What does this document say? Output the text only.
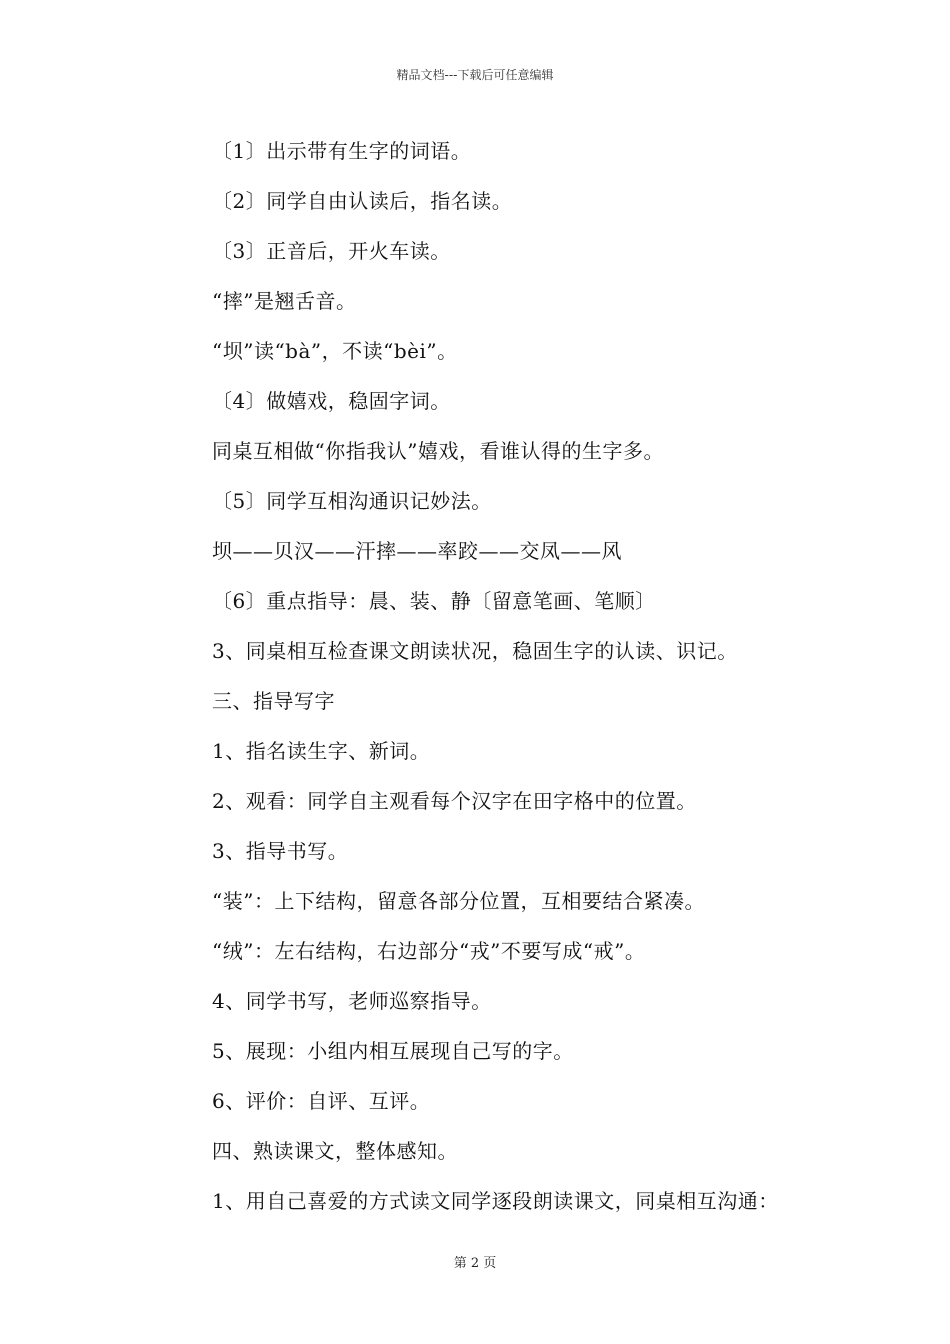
精品文档---下载后可任意编辑
〔1〕出示带有生字的词语。
〔2〕同学自由认读后，指名读。
〔3〕正音后，开火车读。
“摔”是翘舌音。
“坝”读“bà”，不读“bèi”。
〔4〕做嬉戏，稳固字词。
同桌互相做“你指我认”嬉戏，看谁认得的生字多。
〔5〕同学互相沟通识记妙法。
坝——贝汉——汗摔——率跤——交凤——风
〔6〕重点指导：晨、装、静〔留意笔画、笔顺〕
3、同桌相互检查课文朗读状况，稳固生字的认读、识记。
三、指导写字
1、指名读生字、新词。
2、观看：同学自主观看每个汉字在田字格中的位置。
3、指导书写。
“装”：上下结构，留意各部分位置，互相要结合紧凑。
“绒”：左右结构，右边部分“戎”不要写成“戒”。
4、同学书写，老师巡察指导。
5、展现：小组内相互展现自己写的字。
6、评价：自评、互评。
四、熟读课文，整体感知。
1、用自己喜爱的方式读文同学逐段朗读课文，同桌相互沟通：
第 2 页
